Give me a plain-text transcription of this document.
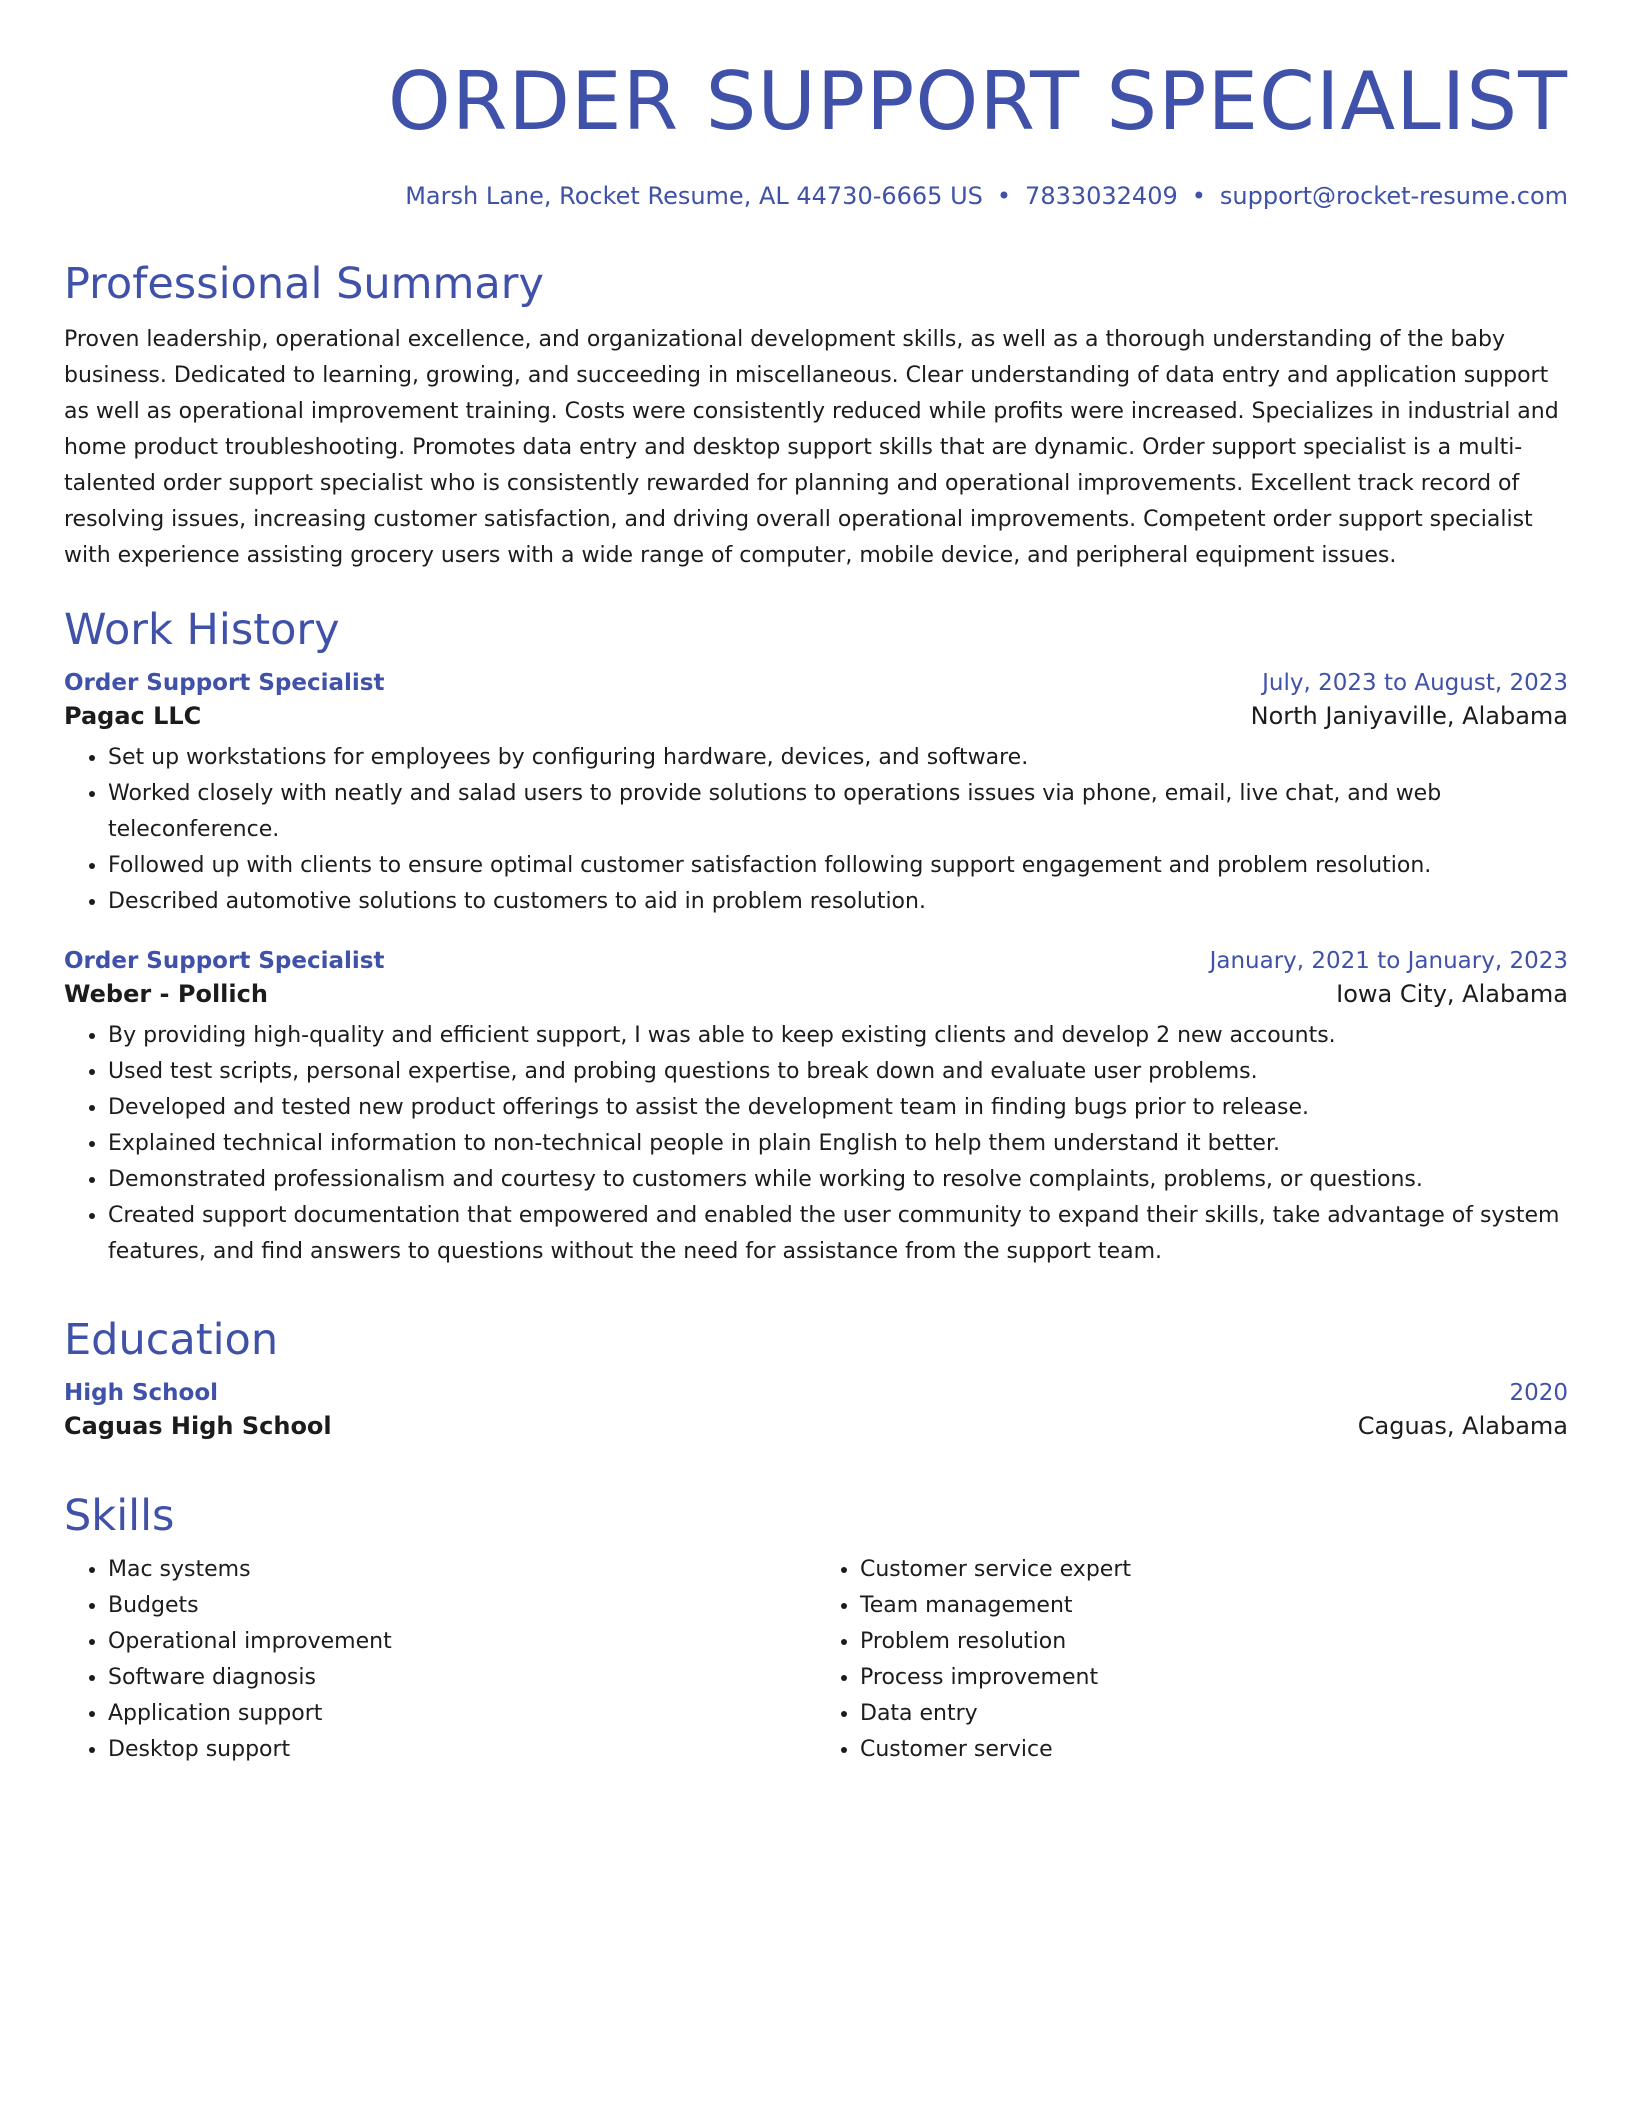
ORDER SUPPORT SPECIALIST
Marsh Lane, Rocket Resume, AL 44730-6665 US • 7833032409 • support@rocket-resume.com
Professional Summary
Proven leadership, operational excellence, and organizational development skills, as well as a thorough understanding of the baby business. Dedicated to learning, growing, and succeeding in miscellaneous. Clear understanding of data entry and application support as well as operational improvement training. Costs were consistently reduced while profits were increased. Specializes in industrial and home product troubleshooting. Promotes data entry and desktop support skills that are dynamic. Order support specialist is a multi-talented order support specialist who is consistently rewarded for planning and operational improvements. Excellent track record of resolving issues, increasing customer satisfaction, and driving overall operational improvements. Competent order support specialist with experience assisting grocery users with a wide range of computer, mobile device, and peripheral equipment issues.
Work History
Order Support Specialist	July, 2023 to August, 2023
Pagac LLC	North Janiyaville, Alabama
• Set up workstations for employees by configuring hardware, devices, and software.
• Worked closely with neatly and salad users to provide solutions to operations issues via phone, email, live chat, and web teleconference.
• Followed up with clients to ensure optimal customer satisfaction following support engagement and problem resolution.
• Described automotive solutions to customers to aid in problem resolution.
Order Support Specialist	January, 2021 to January, 2023
Weber - Pollich	Iowa City, Alabama
• By providing high-quality and efficient support, I was able to keep existing clients and develop 2 new accounts.
• Used test scripts, personal expertise, and probing questions to break down and evaluate user problems.
• Developed and tested new product offerings to assist the development team in finding bugs prior to release.
• Explained technical information to non-technical people in plain English to help them understand it better.
• Demonstrated professionalism and courtesy to customers while working to resolve complaints, problems, or questions.
• Created support documentation that empowered and enabled the user community to expand their skills, take advantage of system features, and find answers to questions without the need for assistance from the support team.
Education
High School	2020
Caguas High School	Caguas, Alabama
Skills
• Mac systems
• Budgets
• Operational improvement
• Software diagnosis
• Application support
• Desktop support
• Customer service expert
• Team management
• Problem resolution
• Process improvement
• Data entry
• Customer service
